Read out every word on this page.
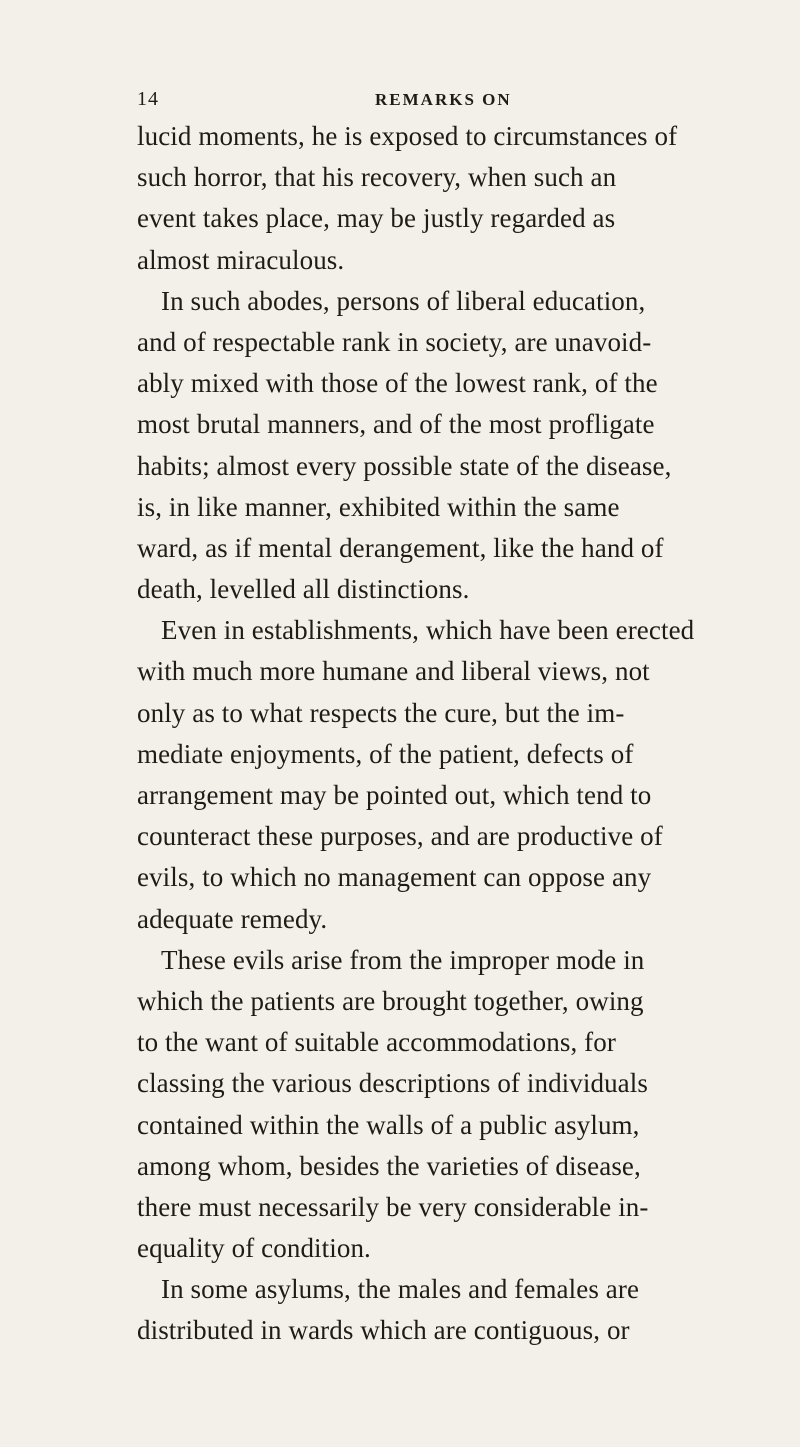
14	REMARKS ON
lucid moments, he is exposed to circumstances of
such horror, that his recovery, when such an
event takes place, may be justly regarded as
almost miraculous.
In such abodes, persons of liberal education,
and of respectable rank in society, are unavoid-
ably mixed with those of the lowest rank, of the
most brutal manners, and of the most profligate
habits; almost every possible state of the disease,
is, in like manner, exhibited within the same
ward, as if mental derangement, like the hand of
death, levelled all distinctions.
Even in establishments, which have been erected
with much more humane and liberal views, not
only as to what respects the cure, but the im-
mediate enjoyments, of the patient, defects of
arrangement may be pointed out, which tend to
counteract these purposes, and are productive of
evils, to which no management can oppose any
adequate remedy.
These evils arise from the improper mode in
which the patients are brought together, owing
to the want of suitable accommodations, for
classing the various descriptions of individuals
contained within the walls of a public asylum,
among whom, besides the varieties of disease,
there must necessarily be very considerable in-
equality of condition.
In some asylums, the males and females are
distributed in wards which are contiguous, or
